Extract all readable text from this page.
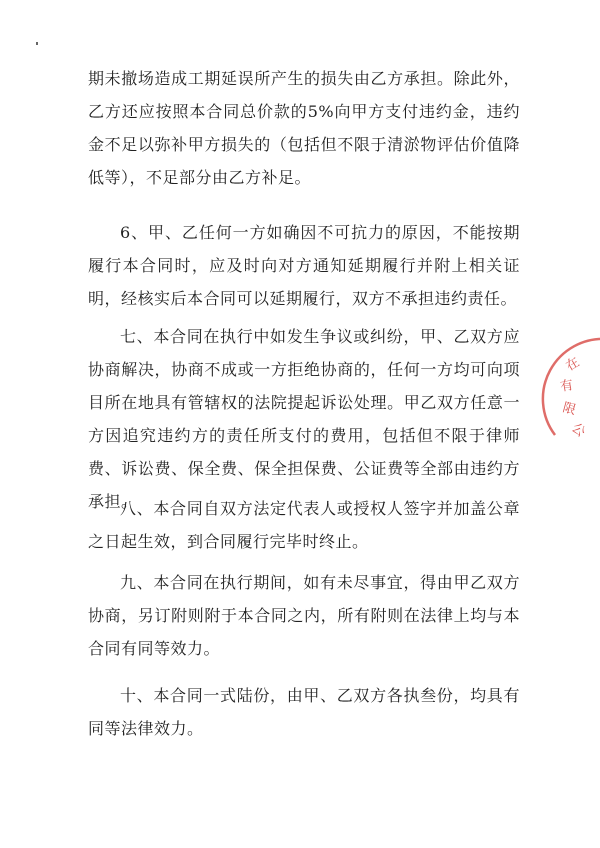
在
有
限
公

期未撤场造成工期延误所产生的损失由乙方承担。除此外，乙方还应按照本合同总价款的5%向甲方支付违约金，违约金不足以弥补甲方损失的（包括但不限于清淤物评估价值降低等），不足部分由乙方补足。

6、甲、乙任何一方如确因不可抗力的原因，不能按期履行本合同时，应及时向对方通知延期履行并附上相关证明，经核实后本合同可以延期履行，双方不承担违约责任。

七、本合同在执行中如发生争议或纠纷，甲、乙双方应协商解决，协商不成或一方拒绝协商的，任何一方均可向项目所在地具有管辖权的法院提起诉讼处理。甲乙双方任意一方因追究违约方的责任所支付的费用，包括但不限于律师费、诉讼费、保全费、保全担保费、公证费等全部由违约方承担。

八、本合同自双方法定代表人或授权人签字并加盖公章之日起生效，到合同履行完毕时终止。

九、本合同在执行期间，如有未尽事宜，得由甲乙双方协商，另订附则附于本合同之内，所有附则在法律上均与本合同有同等效力。

十、本合同一式陆份，由甲、乙双方各执叁份，均具有同等法律效力。
